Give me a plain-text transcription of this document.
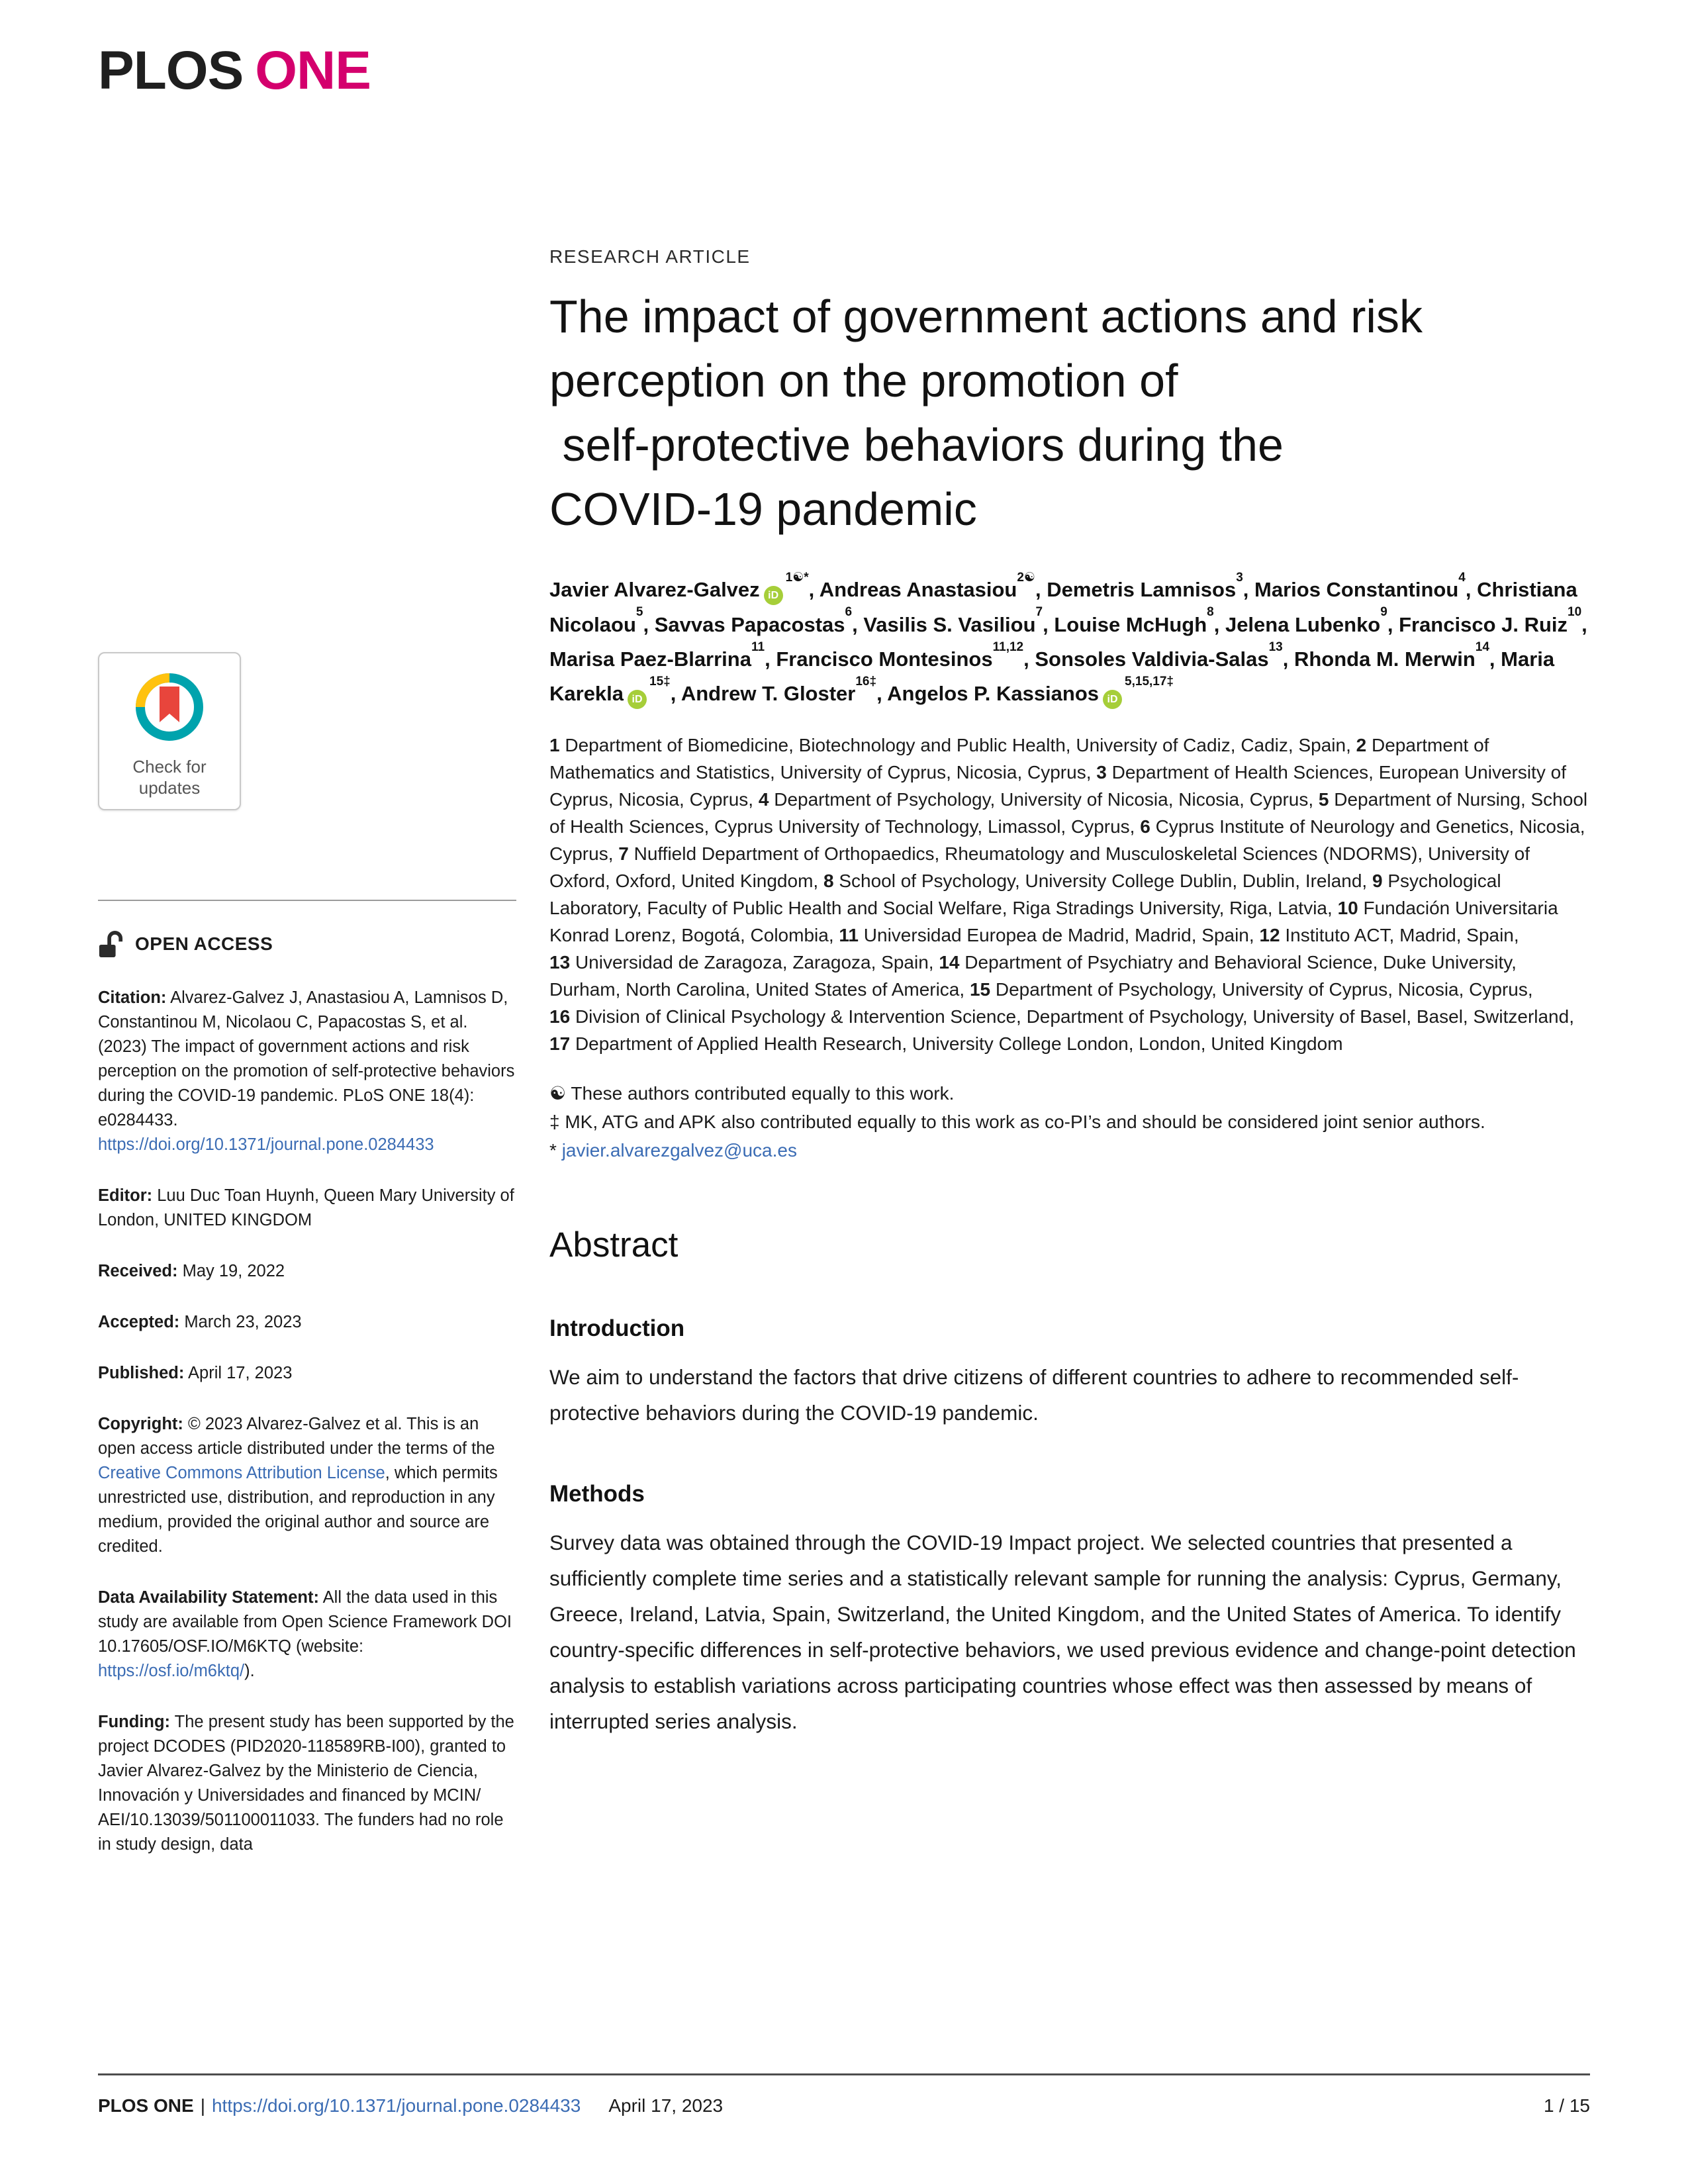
PLOS ONE
Check for
updates
OPEN ACCESS

Citation: Alvarez-Galvez J, Anastasiou A, Lamnisos D, Constantinou M, Nicolaou C, Papacostas S, et al. (2023) The impact of government actions and risk perception on the promotion of self-protective behaviors during the COVID-19 pandemic. PLoS ONE 18(4): e0284433. https://doi.org/10.1371/journal.pone.0284433

Editor: Luu Duc Toan Huynh, Queen Mary University of London, UNITED KINGDOM

Received: May 19, 2022

Accepted: March 23, 2023

Published: April 17, 2023

Copyright: © 2023 Alvarez-Galvez et al. This is an open access article distributed under the terms of the Creative Commons Attribution License, which permits unrestricted use, distribution, and reproduction in any medium, provided the original author and source are credited.

Data Availability Statement: All the data used in this study are available from Open Science Framework DOI 10.17605/OSF.IO/M6KTQ (website: https://osf.io/m6ktq/).

Funding: The present study has been supported by the project DCODES (PID2020-118589RB-I00), granted to Javier Alvarez-Galvez by the Ministerio de Ciencia, Innovación y Universidades and financed by MCIN/ AEI/10.13039/501100011033. The funders had no role in study design, data

RESEARCH ARTICLE
The impact of government actions and risk
perception on the promotion of
self-protective behaviors during the
COVID-19 pandemic

Javier Alvarez-Galvez $iD^{1☯*}$, Andreas Anastasiou$^{2☯}$, Demetris Lamnisos$^3$, Marios Constantinou$^4$, Christiana Nicolaou$^5$, Savvas Papacostas$^6$, Vasilis S. Vasiliou$^7$, Louise McHugh$^8$, Jelena Lubenko$^9$, Francisco J. Ruiz$^{10}$, Marisa Paez-Blarrina$^{11}$, Francisco Montesinos$^{11,12}$, Sonsoles Valdivia-Salas$^{13}$, Rhonda M. Merwin$^{14}$, Maria Karekla $iD^{15\ddagger}$, Andrew T. Gloster$^{16\ddagger}$, Angelos P. Kassianos $iD^{5,15,17\ddagger}$

1 Department of Biomedicine, Biotechnology and Public Health, University of Cadiz, Cadiz, Spain, 2 Department of Mathematics and Statistics, University of Cyprus, Nicosia, Cyprus, 3 Department of Health Sciences, European University of Cyprus, Nicosia, Cyprus, 4 Department of Psychology, University of Nicosia, Nicosia, Cyprus, 5 Department of Nursing, School of Health Sciences, Cyprus University of Technology, Limassol, Cyprus, 6 Cyprus Institute of Neurology and Genetics, Nicosia, Cyprus, 7 Nuffield Department of Orthopaedics, Rheumatology and Musculoskeletal Sciences (NDORMS), University of Oxford, Oxford, United Kingdom, 8 School of Psychology, University College Dublin, Dublin, Ireland, 9 Psychological Laboratory, Faculty of Public Health and Social Welfare, Riga Stradings University, Riga, Latvia, 10 Fundación Universitaria Konrad Lorenz, Bogotá, Colombia, 11 Universidad Europea de Madrid, Madrid, Spain, 12 Instituto ACT, Madrid, Spain, 13 Universidad de Zaragoza, Zaragoza, Spain, 14 Department of Psychiatry and Behavioral Science, Duke University, Durham, North Carolina, United States of America, 15 Department of Psychology, University of Cyprus, Nicosia, Cyprus, 16 Division of Clinical Psychology & Intervention Science, Department of Psychology, University of Basel, Basel, Switzerland, 17 Department of Applied Health Research, University College London, London, United Kingdom

☯ These authors contributed equally to this work.

‡ MK, ATG and APK also contributed equally to this work as co-PI’s and should be considered joint senior authors.

* javier.alvarezgalvez@uca.es

Abstract
Introduction

We aim to understand the factors that drive citizens of different countries to adhere to recommended self-protective behaviors during the COVID-19 pandemic.

Methods

Survey data was obtained through the COVID-19 Impact project. We selected countries that presented a sufficiently complete time series and a statistically relevant sample for running the analysis: Cyprus, Germany, Greece, Ireland, Latvia, Spain, Switzerland, the United Kingdom, and the United States of America. To identify country-specific differences in self-protective behaviors, we used previous evidence and change-point detection analysis to establish variations across participating countries whose effect was then assessed by means of interrupted series analysis.

PLOS ONE | https://doi.org/10.1371/journal.pone.0284433 April 17, 2023	1 / 15
